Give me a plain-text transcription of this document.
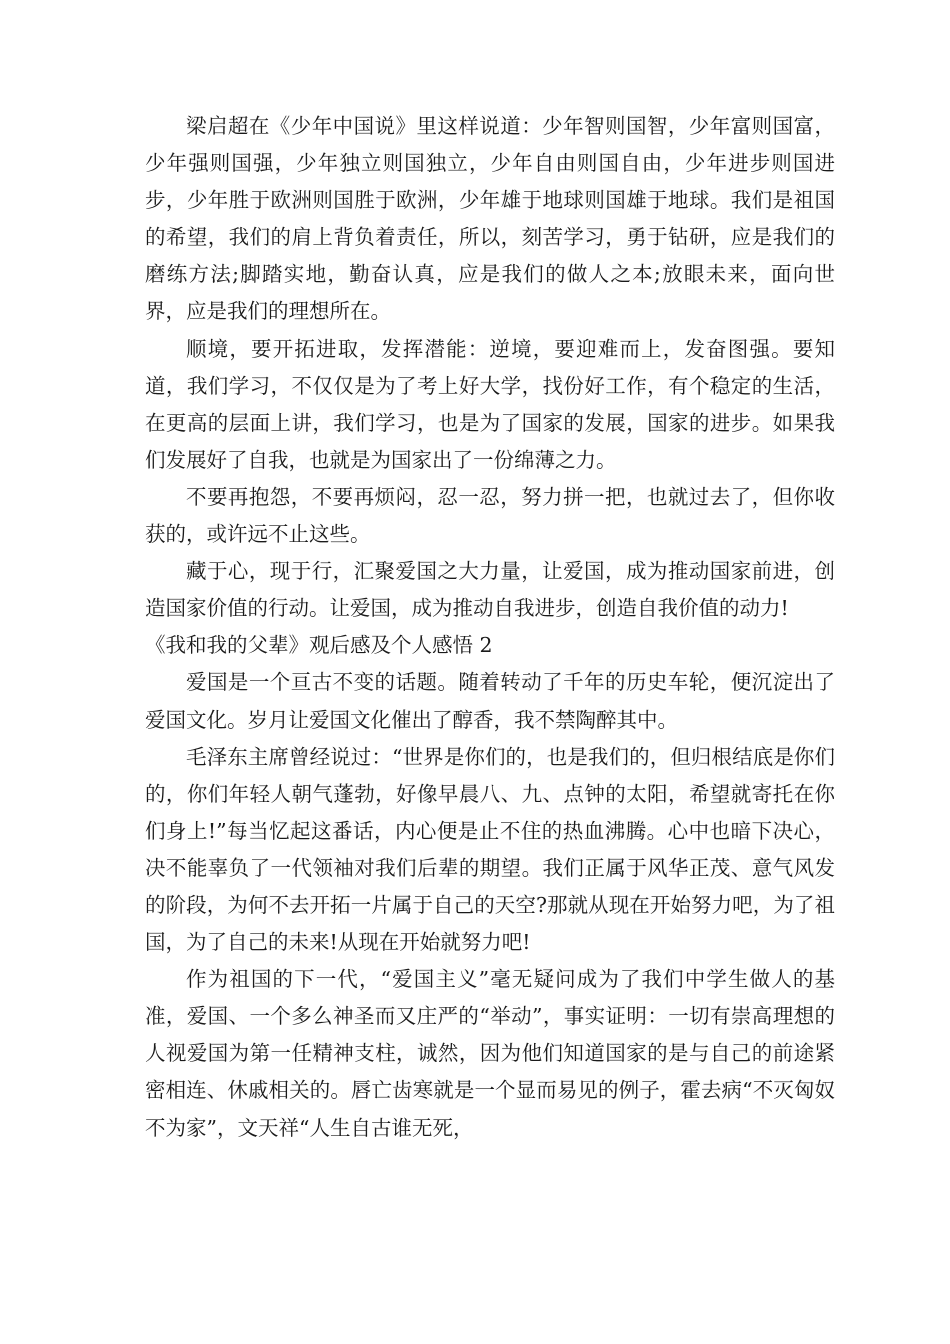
梁启超在《少年中国说》里这样说道：少年智则国智，少年富则国富，少年强则国强，少年独立则国独立，少年自由则国自由，少年进步则国进步，少年胜于欧洲则国胜于欧洲，少年雄于地球则国雄于地球。我们是祖国的希望，我们的肩上背负着责任，所以，刻苦学习，勇于钻研，应是我们的磨练方法;脚踏实地，勤奋认真，应是我们的做人之本;放眼未来，面向世界，应是我们的理想所在。

顺境，要开拓进取，发挥潜能：逆境，要迎难而上，发奋图强。要知道，我们学习，不仅仅是为了考上好大学，找份好工作，有个稳定的生活，在更高的层面上讲，我们学习，也是为了国家的发展，国家的进步。如果我们发展好了自我，也就是为国家出了一份绵薄之力。

不要再抱怨，不要再烦闷，忍一忍，努力拼一把，也就过去了，但你收获的，或许远不止这些。

藏于心，现于行，汇聚爱国之大力量，让爱国，成为推动国家前进，创造国家价值的行动。让爱国，成为推动自我进步，创造自我价值的动力!

《我和我的父辈》观后感及个人感悟 2

爱国是一个亘古不变的话题。随着转动了千年的历史车轮，便沉淀出了爱国文化。岁月让爱国文化催出了醇香，我不禁陶醉其中。

毛泽东主席曾经说过：“世界是你们的，也是我们的，但归根结底是你们的，你们年轻人朝气蓬勃，好像早晨八、九、点钟的太阳，希望就寄托在你们身上!”每当忆起这番话，内心便是止不住的热血沸腾。心中也暗下决心，决不能辜负了一代领袖对我们后辈的期望。我们正属于风华正茂、意气风发的阶段，为何不去开拓一片属于自己的天空?那就从现在开始努力吧，为了祖国，为了自己的未来!从现在开始就努力吧!

作为祖国的下一代，“爱国主义”毫无疑问成为了我们中学生做人的基准，爱国、一个多么神圣而又庄严的“举动”，事实证明：一切有崇高理想的人视爱国为第一任精神支柱，诚然，因为他们知道国家的是与自己的前途紧密相连、休戚相关的。唇亡齿寒就是一个显而易见的例子，霍去病“不灭匈奴不为家”，文天祥“人生自古谁无死，
